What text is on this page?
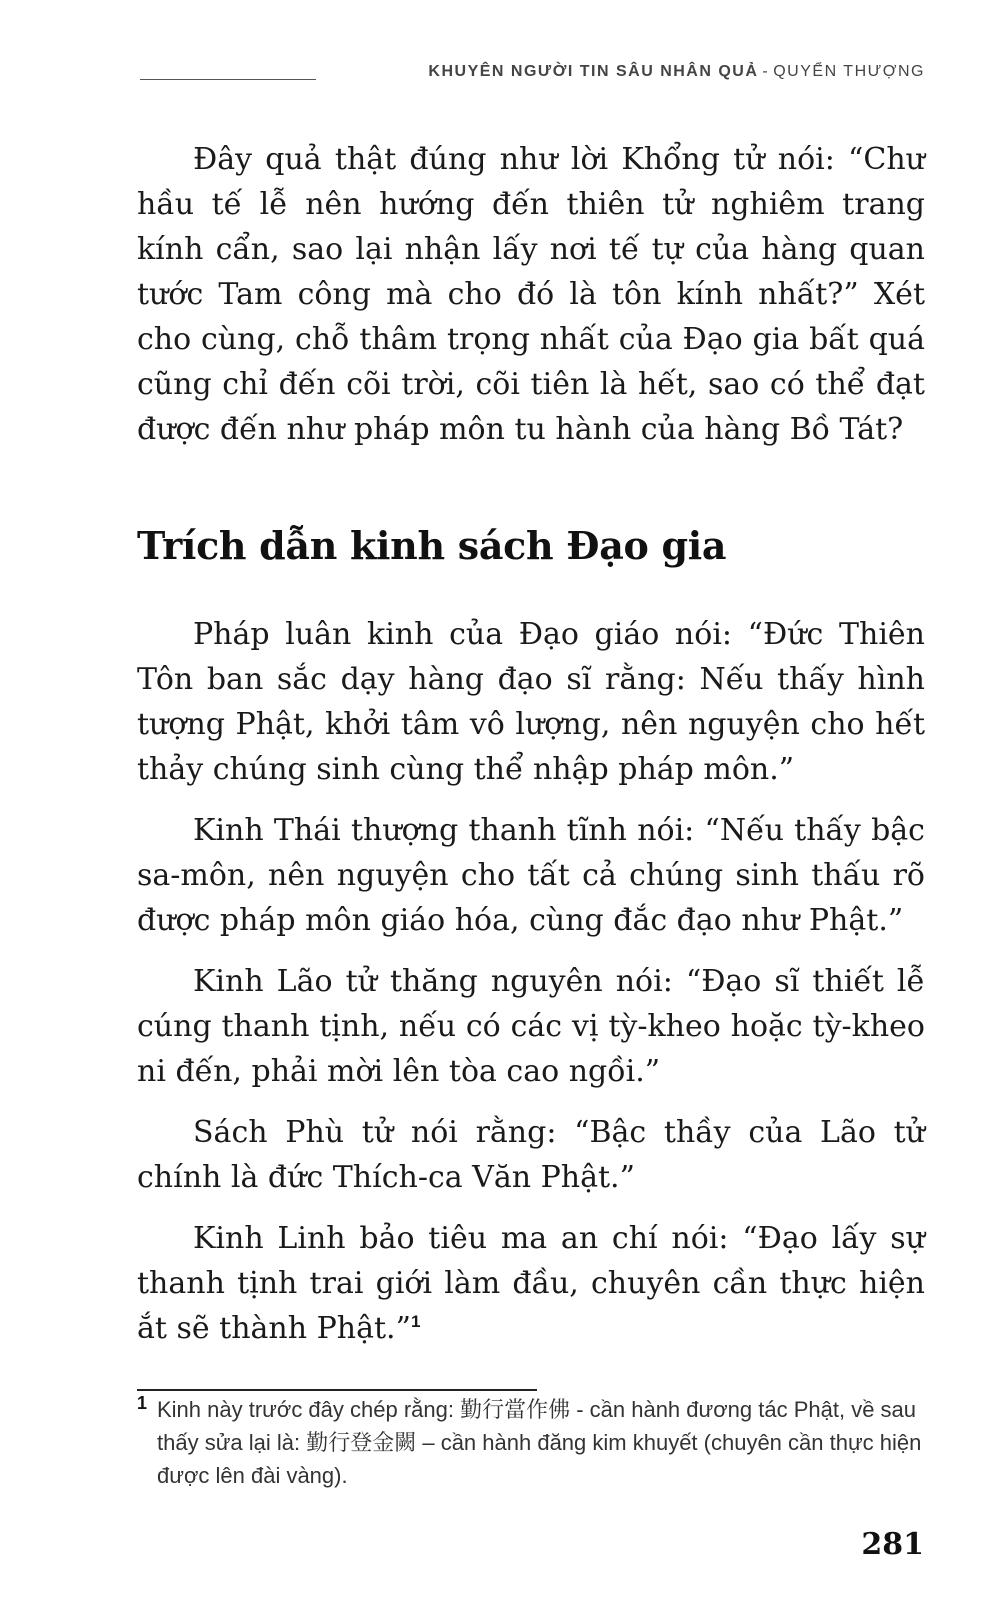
KHUYÊN NGƯỜI TIN SÂU NHÂN QUẢ - QUYỂN THƯỢNG

Đây quả thật đúng như lời Khổng tử nói: “Chư hầu tế lễ nên hướng đến thiên tử nghiêm trang kính cẩn, sao lại nhận lấy nơi tế tự của hàng quan tước Tam công mà cho đó là tôn kính nhất?” Xét cho cùng, chỗ thâm trọng nhất của Đạo gia bất quá cũng chỉ đến cõi trời, cõi tiên là hết, sao có thể đạt được đến như pháp môn tu hành của hàng Bồ Tát?

Trích dẫn kinh sách Đạo gia

Pháp luân kinh của Đạo giáo nói: “Đức Thiên Tôn ban sắc dạy hàng đạo sĩ rằng: Nếu thấy hình tượng Phật, khởi tâm vô lượng, nên nguyện cho hết thảy chúng sinh cùng thể nhập pháp môn.”

Kinh Thái thượng thanh tĩnh nói: “Nếu thấy bậc sa-môn, nên nguyện cho tất cả chúng sinh thấu rõ được pháp môn giáo hóa, cùng đắc đạo như Phật.”

Kinh Lão tử thăng nguyên nói: “Đạo sĩ thiết lễ cúng thanh tịnh, nếu có các vị tỳ-kheo hoặc tỳ-kheo ni đến, phải mời lên tòa cao ngồi.”

Sách Phù tử nói rằng: “Bậc thầy của Lão tử chính là đức Thích-ca Văn Phật.”

Kinh Linh bảo tiêu ma an chí nói: “Đạo lấy sự thanh tịnh trai giới làm đầu, chuyên cần thực hiện ắt sẽ thành Phật.”$^1$

1 Kinh này trước đây chép rằng: 勤行當作佛 - cần hành đương tác Phật, về sau thấy sửa lại là: 勤行登金闕 – cần hành đăng kim khuyết (chuyên cần thực hiện được lên đài vàng).
281
